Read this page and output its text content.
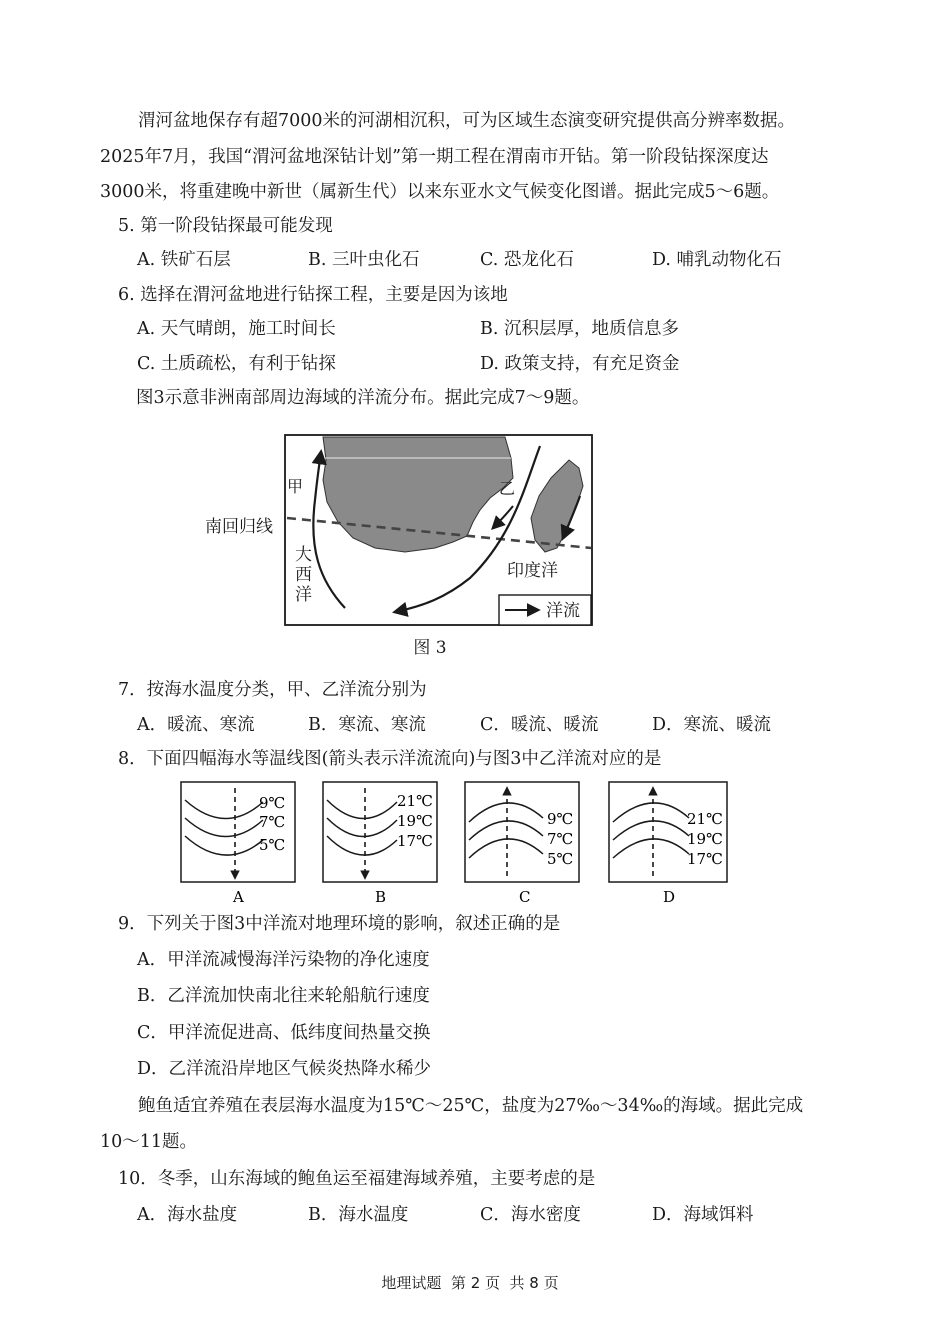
渭河盆地保存有超7000米的河湖相沉积，可为区域生态演变研究提供高分辨率数据。
2025年7月，我国“渭河盆地深钻计划”第一期工程在渭南市开钻。第一阶段钻探深度达
3000米，将重建晚中新世（属新生代）以来东亚水文气候变化图谱。据此完成5～6题。
5. 第一阶段钻探最可能发现
A. 铁矿石层	B. 三叶虫化石	C. 恐龙化石	D. 哺乳动物化石
6. 选择在渭河盆地进行钻探工程，主要是因为该地
A. 天气晴朗，施工时间长	B. 沉积层厚，地质信息多
C. 土质疏松，有利于钻探	D. 政策支持，有充足资金
图3示意非洲南部周边海域的洋流分布。据此完成7～9题。
甲	乙
南回归线
大
西
洋
印度洋
洋流
图 3
7．按海水温度分类，甲、乙洋流分别为
A．暖流、寒流	B．寒流、寒流	C．暖流、暖流	D．寒流、暖流
8．下面四幅海水等温线图(箭头表示洋流流向)与图3中乙洋流对应的是
9℃
7℃
5℃
A
21℃
19℃
17℃
B
9℃
7℃
5℃
C
21℃
19℃
17℃
D
9．下列关于图3中洋流对地理环境的影响，叙述正确的是
A．甲洋流减慢海洋污染物的净化速度
B．乙洋流加快南北往来轮船航行速度
C．甲洋流促进高、低纬度间热量交换
D．乙洋流沿岸地区气候炎热降水稀少
鲍鱼适宜养殖在表层海水温度为15℃～25℃，盐度为27‰～34‰的海域。据此完成
10～11题。
10．冬季，山东海域的鲍鱼运至福建海域养殖，主要考虑的是
A．海水盐度	B．海水温度	C．海水密度	D．海域饵料
地理试题  第 2 页  共 8 页
